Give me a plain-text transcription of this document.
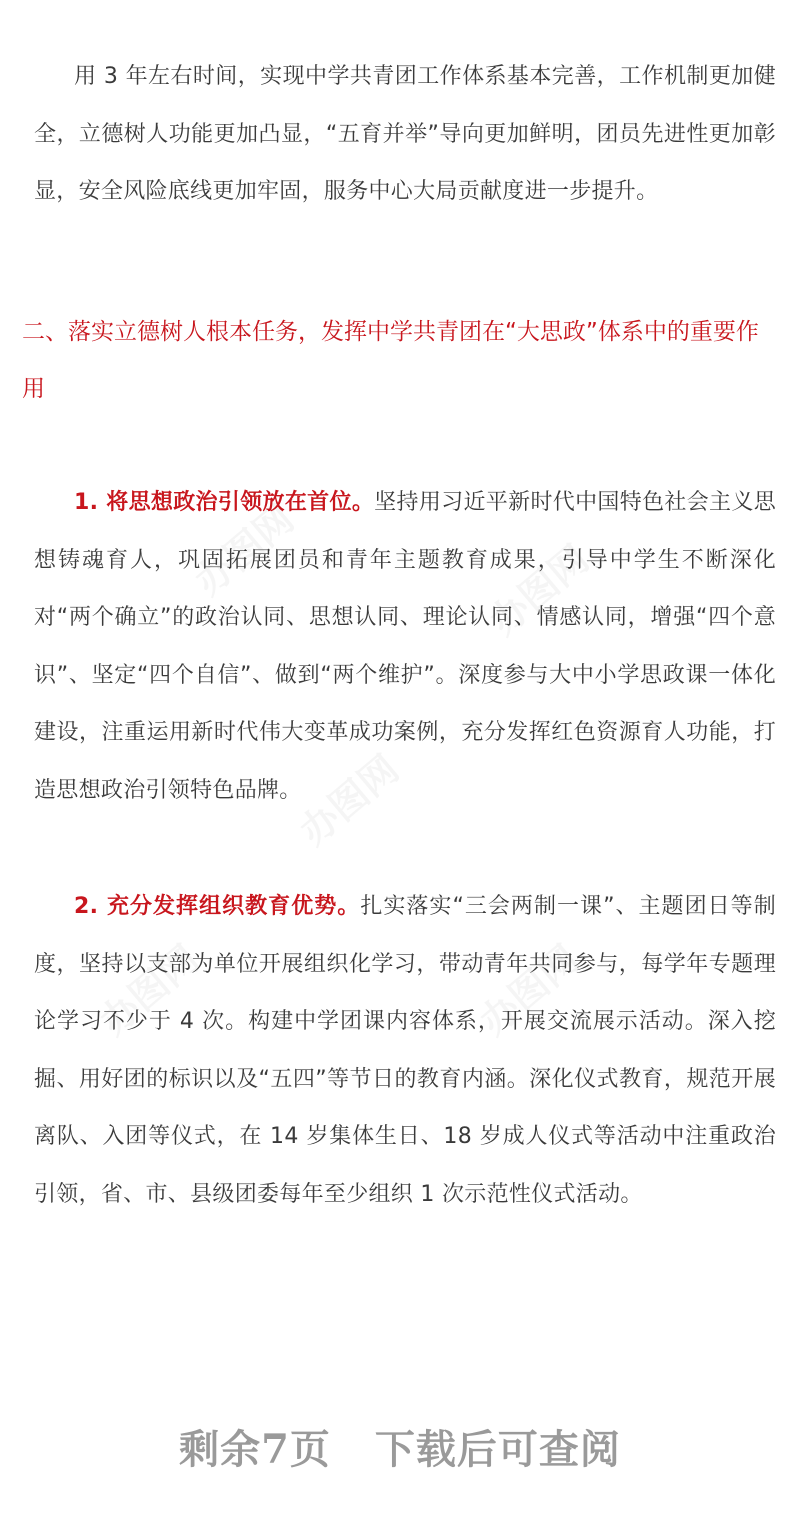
办图网	办图网
办图网
办图网	办图网

用 3 年左右时间，实现中学共青团工作体系基本完善，工作机制更加健全，立德树人功能更加凸显，“五育并举”导向更加鲜明，团员先进性更加彰显，安全风险底线更加牢固，服务中心大局贡献度进一步提升。

二、落实立德树人根本任务，发挥中学共青团在“大思政”体系中的重要作用

1. 将思想政治引领放在首位。坚持用习近平新时代中国特色社会主义思想铸魂育人，巩固拓展团员和青年主题教育成果，引导中学生不断深化对“两个确立”的政治认同、思想认同、理论认同、情感认同，增强“四个意识”、坚定“四个自信”、做到“两个维护”。深度参与大中小学思政课一体化建设，注重运用新时代伟大变革成功案例，充分发挥红色资源育人功能，打造思想政治引领特色品牌。

2. 充分发挥组织教育优势。扎实落实“三会两制一课”、主题团日等制度，坚持以支部为单位开展组织化学习，带动青年共同参与，每学年专题理论学习不少于 4 次。构建中学团课内容体系，开展交流展示活动。深入挖掘、用好团的标识以及“五四”等节日的教育内涵。深化仪式教育，规范开展离队、入团等仪式，在 14 岁集体生日、18 岁成人仪式等活动中注重政治引领，省、市、县级团委每年至少组织 1 次示范性仪式活动。

剩余7页 下载后可查阅
